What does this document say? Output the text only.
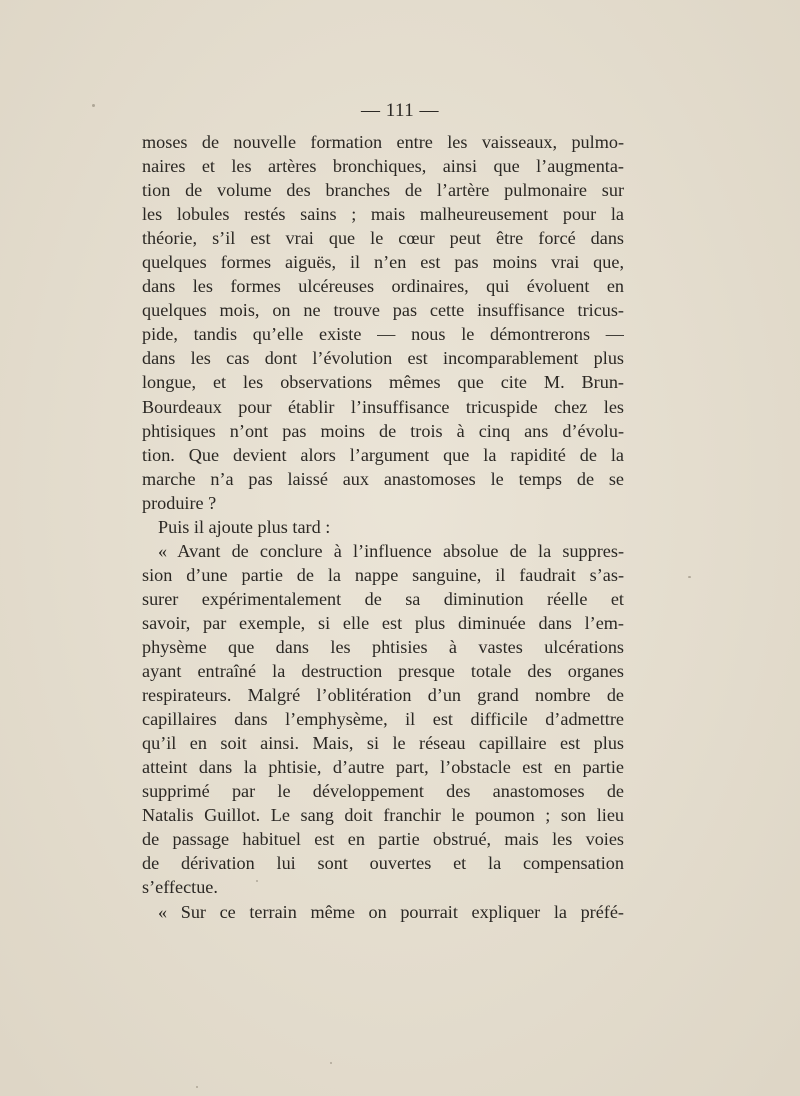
— 111 —
moses de nouvelle formation entre les vaisseaux, pulmo-
naires et les artères bronchiques, ainsi que l’augmenta-
tion de volume des branches de l’artère pulmonaire sur
les lobules restés sains ; mais malheureusement pour la
théorie, s’il est vrai que le cœur peut être forcé dans
quelques formes aiguës, il n’en est pas moins vrai que,
dans les formes ulcéreuses ordinaires, qui évoluent en
quelques mois, on ne trouve pas cette insuffisance tricus-
pide, tandis qu’elle existe — nous le démontrerons —
dans les cas dont l’évolution est incomparablement plus
longue, et les observations mêmes que cite M. Brun-
Bourdeaux pour établir l’insuffisance tricuspide chez les
phtisiques n’ont pas moins de trois à cinq ans d’évolu-
tion. Que devient alors l’argument que la rapidité de la
marche n’a pas laissé aux anastomoses le temps de se
produire ?
Puis il ajoute plus tard :
« Avant de conclure à l’influence absolue de la suppres-
sion d’une partie de la nappe sanguine, il faudrait s’as-
surer expérimentalement de sa diminution réelle et
savoir, par exemple, si elle est plus diminuée dans l’em-
physème que dans les phtisies à vastes ulcérations
ayant entraîné la destruction presque totale des organes
respirateurs. Malgré l’oblitération d’un grand nombre de
capillaires dans l’emphysème, il est difficile d’admettre
qu’il en soit ainsi. Mais, si le réseau capillaire est plus
atteint dans la phtisie, d’autre part, l’obstacle est en partie
supprimé par le développement des anastomoses de
Natalis Guillot. Le sang doit franchir le poumon ; son lieu
de passage habituel est en partie obstrué, mais les voies
de dérivation lui sont ouvertes et la compensation
s’effectue.
« Sur ce terrain même on pourrait expliquer la préfé-
